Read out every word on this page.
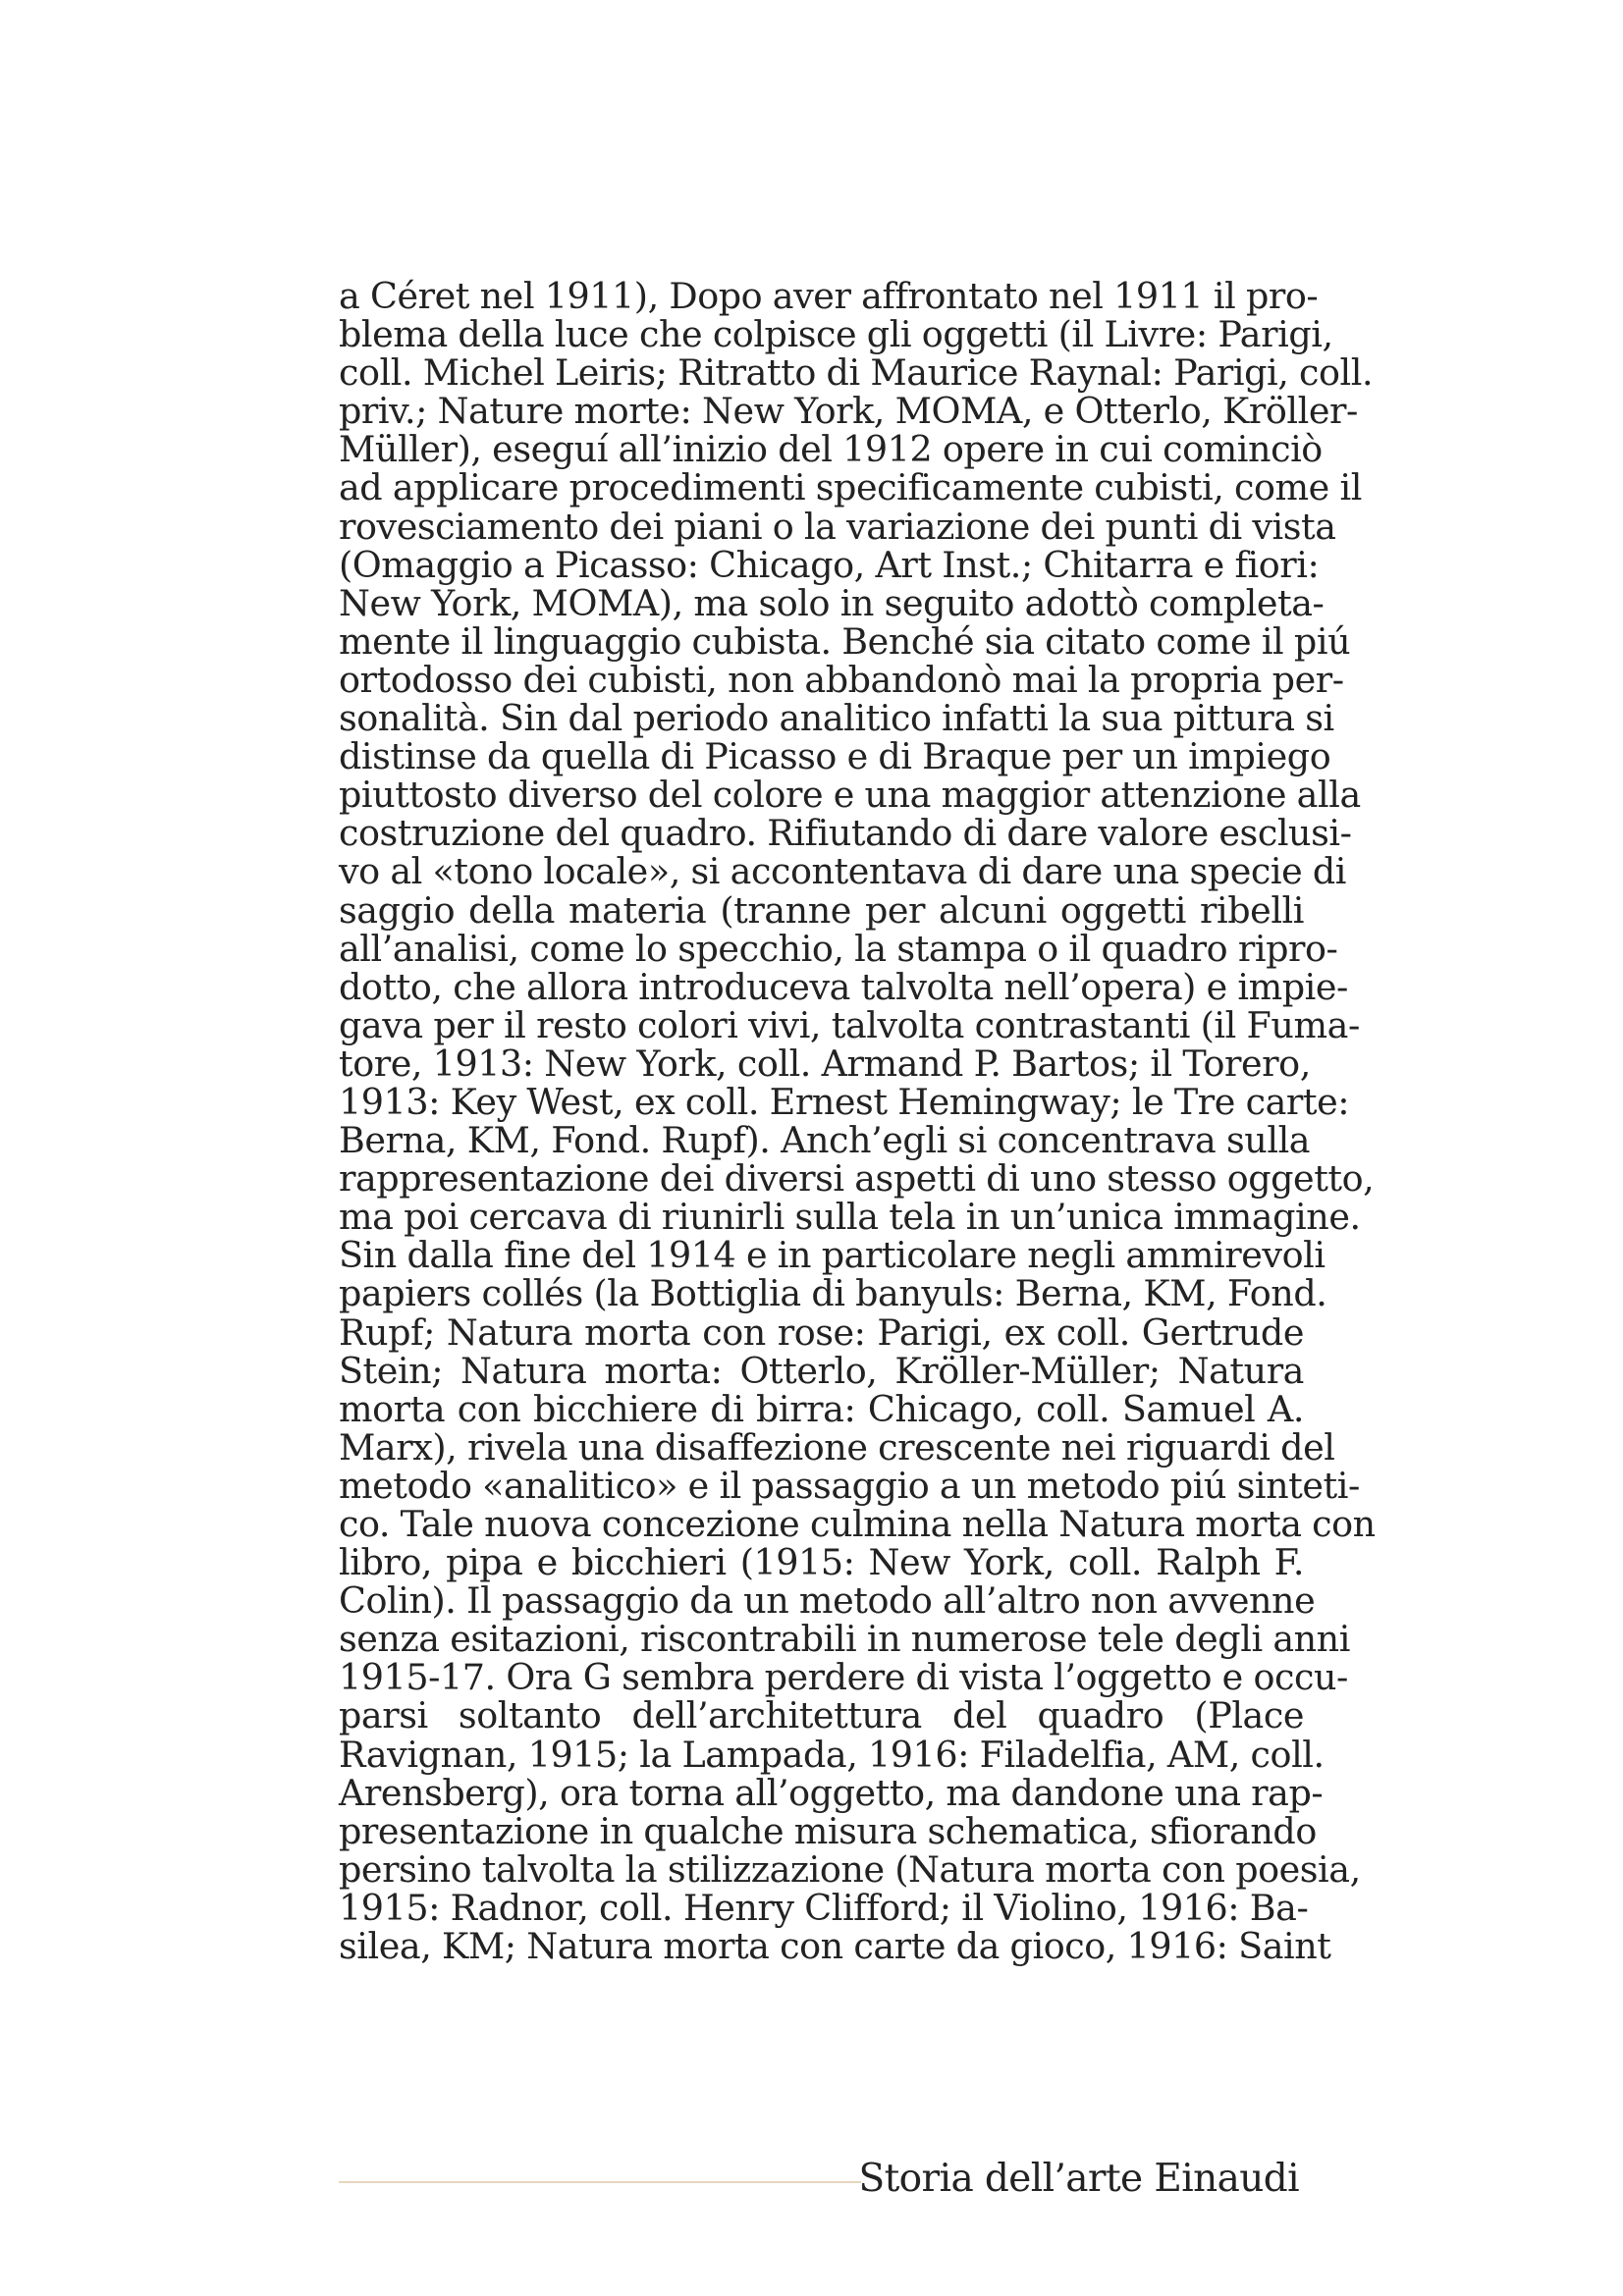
a Céret nel 1911), Dopo aver affrontato nel 1911 il pro-
blema della luce che colpisce gli oggetti (il Livre: Parigi,
coll. Michel Leiris; Ritratto di Maurice Raynal: Parigi, coll.
priv.; Nature morte: New York, MOMA, e Otterlo, Kröller-
Müller), eseguí all’inizio del 1912 opere in cui cominciò
ad applicare procedimenti specificamente cubisti, come il
rovesciamento dei piani o la variazione dei punti di vista
(Omaggio a Picasso: Chicago, Art Inst.; Chitarra e fiori:
New York, MOMA), ma solo in seguito adottò completa-
mente il linguaggio cubista. Benché sia citato come il piú
ortodosso dei cubisti, non abbandonò mai la propria per-
sonalità. Sin dal periodo analitico infatti la sua pittura si
distinse da quella di Picasso e di Braque per un impiego
piuttosto diverso del colore e una maggior attenzione alla
costruzione del quadro. Rifiutando di dare valore esclusi-
vo al «tono locale», si accontentava di dare una specie di
saggio della materia (tranne per alcuni oggetti ribelli
all’analisi, come lo specchio, la stampa o il quadro ripro-
dotto, che allora introduceva talvolta nell’opera) e impie-
gava per il resto colori vivi, talvolta contrastanti (il Fuma-
tore, 1913: New York, coll. Armand P. Bartos; il Torero,
1913: Key West, ex coll. Ernest Hemingway; le Tre carte:
Berna, KM, Fond. Rupf). Anch’egli si concentrava sulla
rappresentazione dei diversi aspetti di uno stesso oggetto,
ma poi cercava di riunirli sulla tela in un’unica immagine.
Sin dalla fine del 1914 e in particolare negli ammirevoli
papiers collés (la Bottiglia di banyuls: Berna, KM, Fond.
Rupf; Natura morta con rose: Parigi, ex coll. Gertrude
Stein; Natura morta: Otterlo, Kröller-Müller; Natura
morta con bicchiere di birra: Chicago, coll. Samuel A.
Marx), rivela una disaffezione crescente nei riguardi del
metodo «analitico» e il passaggio a un metodo piú sinteti-
co. Tale nuova concezione culmina nella Natura morta con
libro, pipa e bicchieri (1915: New York, coll. Ralph F.
Colin). Il passaggio da un metodo all’altro non avvenne
senza esitazioni, riscontrabili in numerose tele degli anni
1915-17. Ora G sembra perdere di vista l’oggetto e occu-
parsi soltanto dell’architettura del quadro (Place
Ravignan, 1915; la Lampada, 1916: Filadelfia, AM, coll.
Arensberg), ora torna all’oggetto, ma dandone una rap-
presentazione in qualche misura schematica, sfiorando
persino talvolta la stilizzazione (Natura morta con poesia,
1915: Radnor, coll. Henry Clifford; il Violino, 1916: Ba-
silea, KM; Natura morta con carte da gioco, 1916: Saint
Storia dell’arte Einaudi
